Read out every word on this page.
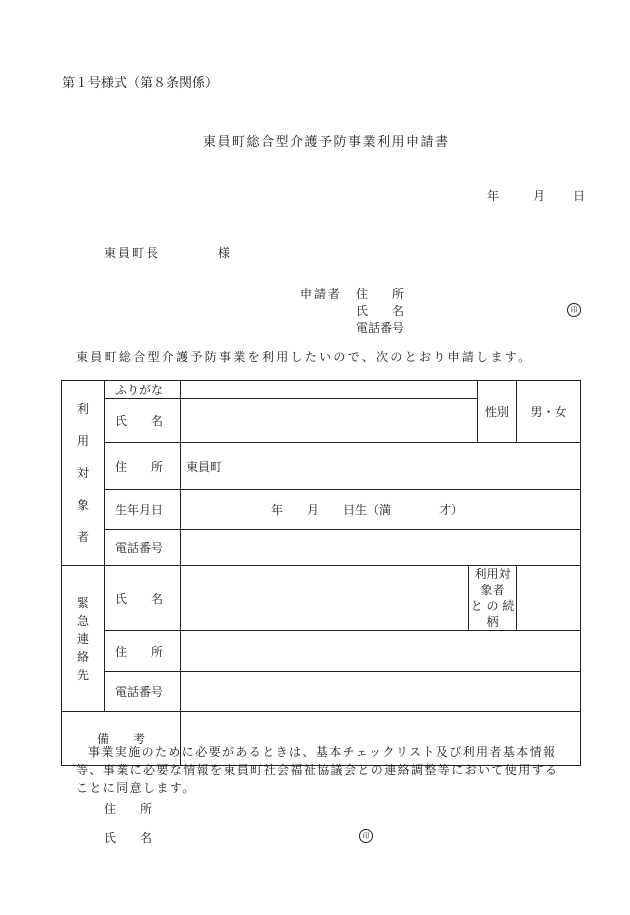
第１号様式（第８条関係）
東員町総合型介護予防事業利用申請書
年	月 日
東員町長	様
申請者 住　　所
氏　　名
電話番号
印
東員町総合型介護予防事業を利用したいので、次のとおり申請します。
利
用
対
象
者	ふりがな			性別	男・女
	氏　　名				
	住　　所	東員町			
	生年月日	年　　月　　日生（満　　　　才）			
	電話番号				
緊
急
連
絡
先	氏　　名		利用対象者
と の 続 柄		
	住　　所				
	電話番号				
備　　考					
事業実施のために必要があるときは、基本チェックリスト及び利用者基本情報等、事業に必要な情報を東員町社会福祉協議会との連絡調整等において使用することに同意します。
住　　所
氏　　名	印
